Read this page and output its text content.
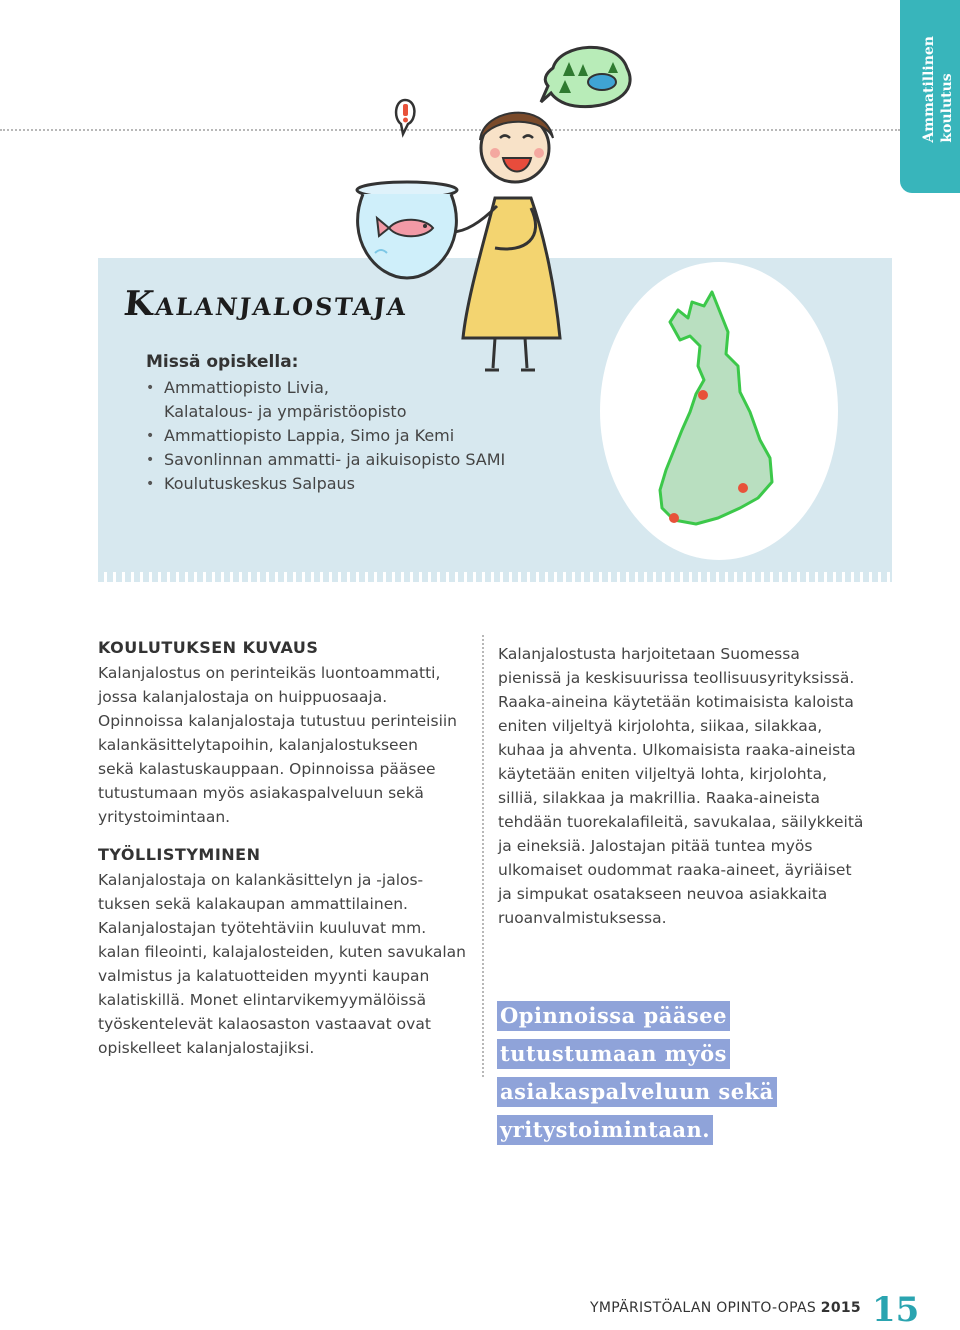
Ammatillinen
koulutus
Kalanjalostaja
Missä opiskella:
• Ammattiopisto Livia,
Kalatalous- ja ympäristöopisto
• Ammattiopisto Lappia, Simo ja Kemi
• Savonlinnan ammatti- ja aikuisopisto SAMI
• Koulutuskeskus Salpaus
KOULUTUKSEN KUVAUS

Kalanjalostus on perinteikäs luontoammatti,
jossa kalanjalostaja on huippuosaaja.
Opinnoissa kalanjalostaja tutustuu perinteisiin
kalankäsittelytapoihin, kalanjalostukseen
sekä kalastuskauppaan. Opinnoissa pääsee
tutustumaan myös asiakaspalveluun sekä
yritystoimintaan.

TYÖLLISTYMINEN

Kalanjalostaja on kalankäsittelyn ja -jalos-
tuksen sekä kalakaupan ammattilainen.
Kalanjalostajan työtehtäviin kuuluvat mm.
kalan fileointi, kalajalosteiden, kuten savukalan
valmistus ja kalatuotteiden myynti kaupan
kalatiskillä. Monet elintarvikemyymälöissä
työskentelevät kalaosaston vastaavat ovat
opiskelleet kalanjalostajiksi.

Kalanjalostusta harjoitetaan Suomessa
pienissä ja keskisuurissa teollisuusyrityksissä.
Raaka-aineina käytetään kotimaisista kaloista
eniten viljeltyä kirjolohta, siikaa, silakkaa,
kuhaa ja ahventa. Ulkomaisista raaka-aineista
käytetään eniten viljeltyä lohta, kirjolohta,
silliä, silakkaa ja makrillia. Raaka-aineista
tehdään tuorekalafileitä, savukalaa, säilykkeitä
ja eineksiä. Jalostajan pitää tuntea myös
ulkomaiset oudommat raaka-aineet, äyriäiset
ja simpukat osatakseen neuvoa asiakkaita
ruoanvalmistuksessa.

Opinnoissa pääsee
tutustumaan myös
asiakaspalveluun sekä
yritystoimintaan.
YMPÄRISTÖALAN OPINTO-OPAS 2015 15
